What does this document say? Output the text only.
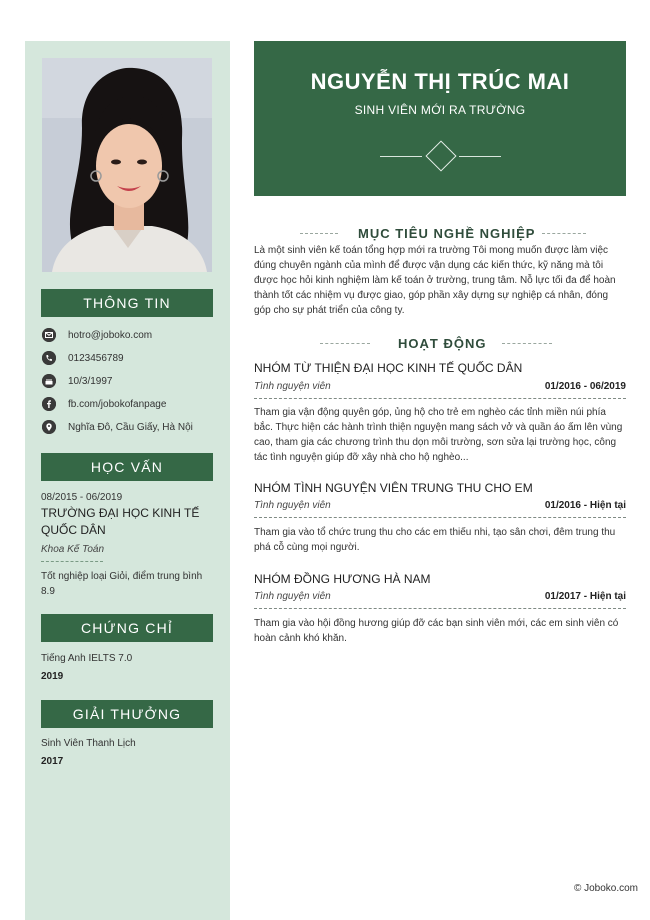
THÔNG TIN
hotro@joboko.com
0123456789
10/3/1997
fb.com/jobokofanpage
Nghĩa Đô, Cầu Giấy, Hà Nội
HỌC VẤN
08/2015 - 06/2019
TRƯỜNG ĐẠI HỌC KINH TẾ QUỐC DÂN
Khoa Kế Toán
Tốt nghiệp loại Giỏi, điểm trung bình 8.9
CHỨNG CHỈ
Tiếng Anh IELTS 7.0
2019
GIẢI THƯỞNG
Sinh Viên Thanh Lịch
2017
NGUYỄN THỊ TRÚC MAI
SINH VIÊN MỚI RA TRƯỜNG
MỤC TIÊU NGHỀ NGHIỆP
Là một sinh viên kế toán tổng hợp mới ra trường Tôi mong muốn được làm việc đúng chuyên ngành của mình để được vận dụng các kiến thức, kỹ năng mà tôi được học hỏi kinh nghiệm làm kế toán ở trường, trung tâm. Nỗ lực tối đa để hoàn thành tốt các nhiệm vụ được giao, góp phần xây dựng sự nghiệp cá nhân, đóng góp cho sự phát triển của công ty.
HOẠT ĐỘNG
NHÓM TỪ THIỆN ĐẠI HỌC KINH TẾ QUỐC DÂN
Tình nguyện viên	01/2016 - 06/2019
Tham gia vận động quyên góp, ủng hộ cho trẻ em nghèo các tỉnh miền núi phía bắc. Thực hiện các hành trình thiện nguyện mang sách vở và quần áo ấm lên vùng cao, tham gia các chương trình thu dọn môi trường, sơn sửa lại trường học, công tác tình nguyện giúp đỡ xây nhà cho hộ nghèo...
NHÓM TÌNH NGUYỆN VIÊN TRUNG THU CHO EM
Tình nguyện viên	01/2016 - Hiện tại
Tham gia vào tổ chức trung thu cho các em thiếu nhi, tạo sân chơi, đêm trung thu phá cỗ cùng mọi người.
NHÓM ĐỒNG HƯƠNG HÀ NAM
Tình nguyện viên	01/2017 - Hiện tại
Tham gia vào hội đồng hương giúp đỡ các bạn sinh viên mới, các em sinh viên có hoàn cảnh khó khăn.
© Joboko.com
